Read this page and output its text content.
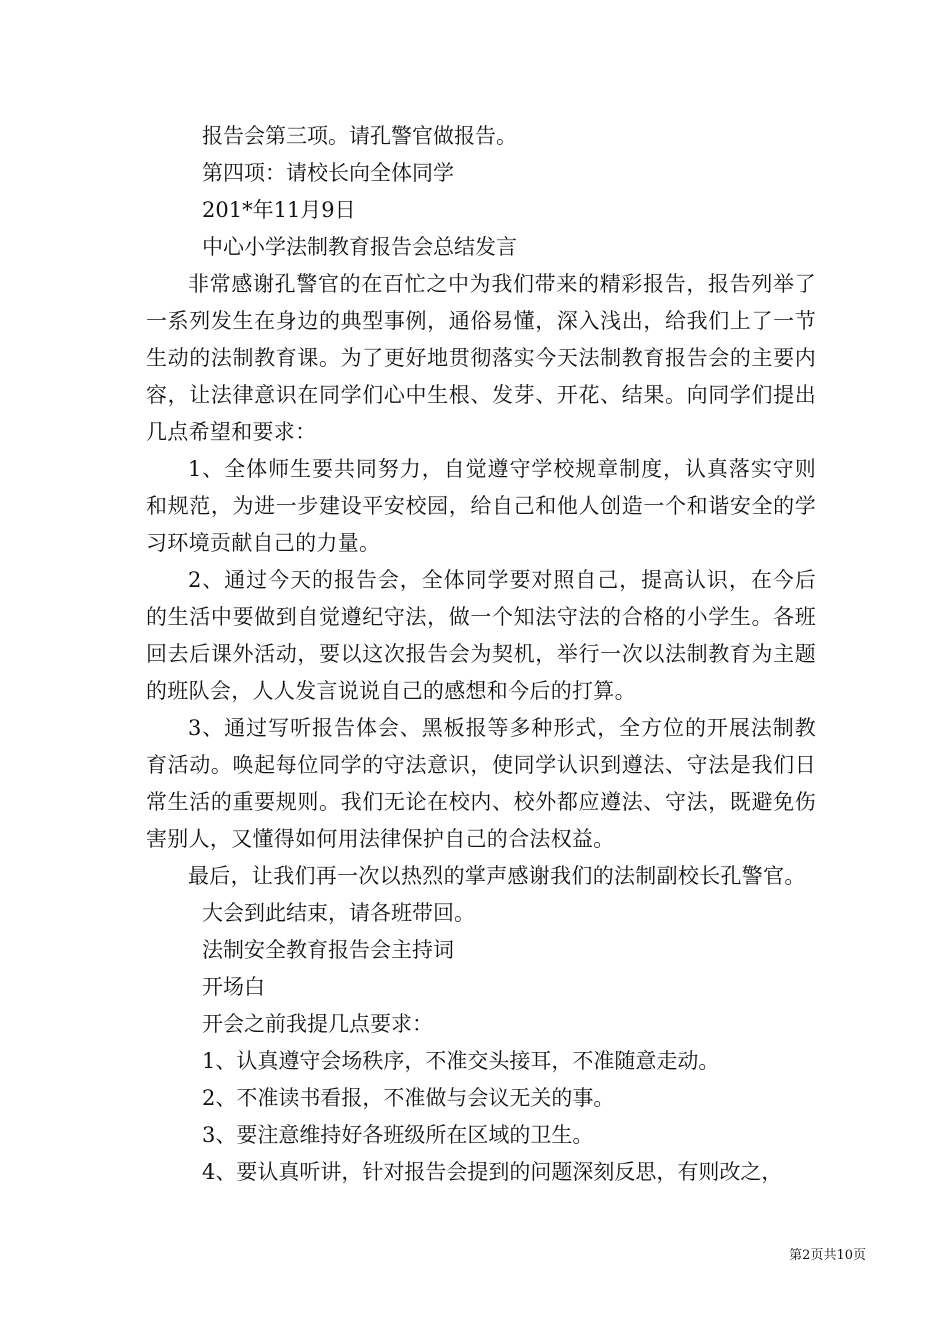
报告会第三项。请孔警官做报告。

第四项：请校长向全体同学

201*年11月9日

中心小学法制教育报告会总结发言

非常感谢孔警官的在百忙之中为我们带来的精彩报告，报告列举了一系列发生在身边的典型事例，通俗易懂，深入浅出，给我们上了一节生动的法制教育课。为了更好地贯彻落实今天法制教育报告会的主要内容，让法律意识在同学们心中生根、发芽、开花、结果。向同学们提出几点希望和要求：

1、全体师生要共同努力，自觉遵守学校规章制度，认真落实守则和规范，为进一步建设平安校园，给自己和他人创造一个和谐安全的学习环境贡献自己的力量。

2、通过今天的报告会，全体同学要对照自己，提高认识，在今后的生活中要做到自觉遵纪守法，做一个知法守法的合格的小学生。各班回去后课外活动，要以这次报告会为契机，举行一次以法制教育为主题的班队会，人人发言说说自己的感想和今后的打算。

3、通过写听报告体会、黑板报等多种形式，全方位的开展法制教育活动。唤起每位同学的守法意识，使同学认识到遵法、守法是我们日常生活的重要规则。我们无论在校内、校外都应遵法、守法，既避免伤害别人，又懂得如何用法律保护自己的合法权益。

最后，让我们再一次以热烈的掌声感谢我们的法制副校长孔警官。

大会到此结束，请各班带回。

法制安全教育报告会主持词

开场白

开会之前我提几点要求：

1、认真遵守会场秩序，不准交头接耳，不准随意走动。

2、不准读书看报，不准做与会议无关的事。

3、要注意维持好各班级所在区域的卫生。

4、要认真听讲，针对报告会提到的问题深刻反思，有则改之，

第2页共10页
